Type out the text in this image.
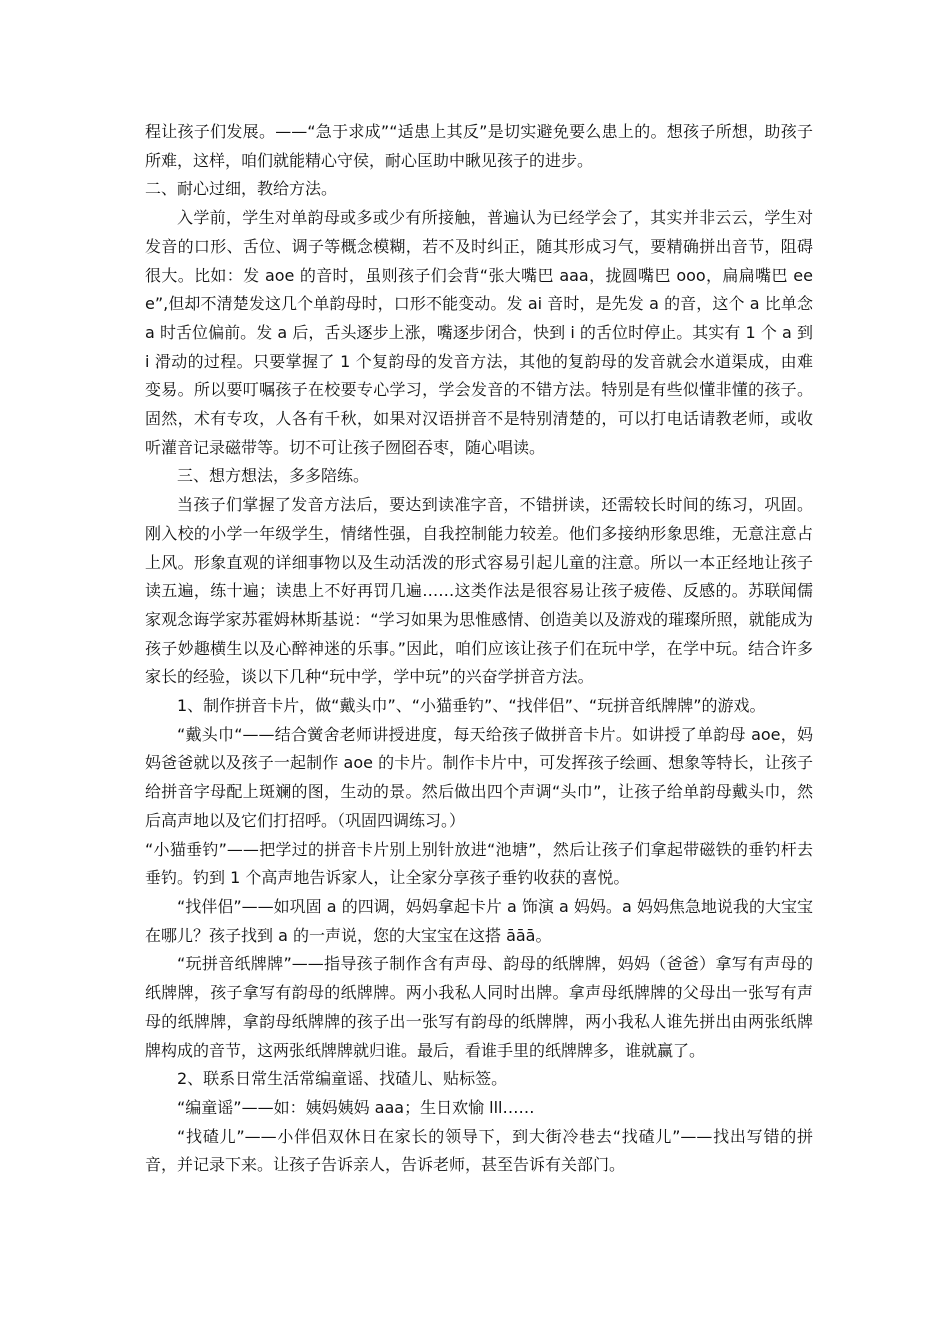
程让孩子们发展。——“急于求成”“适患上其反”是切实避免要么患上的。想孩子所想，助孩子所难，这样，咱们就能精心守侯，耐心匡助中瞅见孩子的进步。

二、耐心过细，教给方法。

入学前，学生对单韵母或多或少有所接触，普遍认为已经学会了，其实并非云云，学生对发音的口形、舌位、调子等概念模糊，若不及时纠正，随其形成习气，要精确拼出音节，阻碍很大。比如：发 aoe 的音时，虽则孩子们会背“张大嘴巴 aaa，拢圆嘴巴 ooo，扁扁嘴巴 eee”,但却不清楚发这几个单韵母时，口形不能变动。发 ai 音时，是先发 a 的音，这个 a 比单念 a 时舌位偏前。发 a 后，舌头逐步上涨，嘴逐步闭合，快到 i 的舌位时停止。其实有 1 个 a 到 i 滑动的过程。只要掌握了 1 个复韵母的发音方法，其他的复韵母的发音就会水道渠成，由难变易。所以要叮嘱孩子在校要专心学习，学会发音的不错方法。特别是有些似懂非懂的孩子。固然，术有专攻，人各有千秋，如果对汉语拼音不是特别清楚的，可以打电话请教老师，或收听灌音记录磁带等。切不可让孩子囫囵吞枣，随心唱读。

三、想方想法，多多陪练。

当孩子们掌握了发音方法后，要达到读准字音，不错拼读，还需较长时间的练习，巩固。刚入校的小学一年级学生，情绪性强，自我控制能力较差。他们多接纳形象思维，无意注意占上风。形象直观的详细事物以及生动活泼的形式容易引起儿童的注意。所以一本正经地让孩子读五遍，练十遍；读患上不好再罚几遍……这类作法是很容易让孩子疲倦、反感的。苏联闻儒家观念诲学家苏霍姆林斯基说：“学习如果为思惟感情、创造美以及游戏的璀璨所照，就能成为孩子妙趣横生以及心醉神迷的乐事。”因此，咱们应该让孩子们在玩中学，在学中玩。结合许多家长的经验，谈以下几种“玩中学，学中玩”的兴奋学拼音方法。

1、制作拼音卡片，做“戴头巾”、“小猫垂钓”、“找伴侣”、“玩拼音纸牌牌”的游戏。

“戴头巾“——结合黉舍老师讲授进度，每天给孩子做拼音卡片。如讲授了单韵母 aoe，妈妈爸爸就以及孩子一起制作 aoe 的卡片。制作卡片中，可发挥孩子绘画、想象等特长，让孩子给拼音字母配上斑斓的图，生动的景。然后做出四个声调“头巾”，让孩子给单韵母戴头巾，然后高声地以及它们打招呼。（巩固四调练习。）

“小猫垂钓”——把学过的拼音卡片别上别针放进“池塘”，然后让孩子们拿起带磁铁的垂钓杆去垂钓。钓到 1 个高声地告诉家人，让全家分享孩子垂钓收获的喜悦。

“找伴侣”——如巩固 a 的四调，妈妈拿起卡片 a 饰演 a 妈妈。a 妈妈焦急地说我的大宝宝在哪儿？孩子找到 a 的一声说，您的大宝宝在这搭 āāā。

“玩拼音纸牌牌”——指导孩子制作含有声母、韵母的纸牌牌，妈妈（爸爸）拿写有声母的纸牌牌，孩子拿写有韵母的纸牌牌。两小我私人同时出牌。拿声母纸牌牌的父母出一张写有声母的纸牌牌，拿韵母纸牌牌的孩子出一张写有韵母的纸牌牌，两小我私人谁先拼出由两张纸牌牌构成的音节，这两张纸牌牌就归谁。最后，看谁手里的纸牌牌多，谁就赢了。

2、联系日常生活常编童谣、找碴儿、贴标签。

“编童谣”——如：姨妈姨妈 aaa；生日欢愉 lll……

“找碴儿”——小伴侣双休日在家长的领导下，到大街冷巷去“找碴儿”——找出写错的拼音，并记录下来。让孩子告诉亲人，告诉老师，甚至告诉有关部门。
